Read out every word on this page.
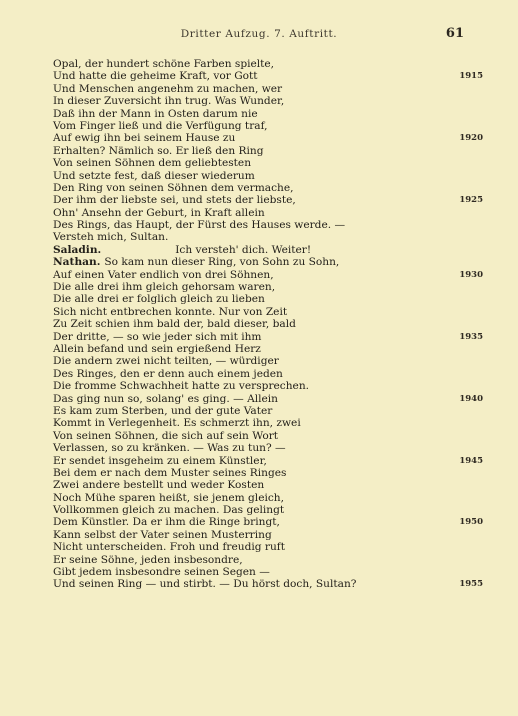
Dritter Aufzug. 7. Auftritt.	61
Opal, der hundert schöne Farben spielte,
Und hatte die geheime Kraft, vor Gott	1915
Und Menschen angenehm zu machen, wer
In dieser Zuversicht ihn trug. Was Wunder,
Daß ihn der Mann in Osten darum nie
Vom Finger ließ und die Verfügung traf,
Auf ewig ihn bei seinem Hause zu	1920
Erhalten? Nämlich so. Er ließ den Ring
Von seinen Söhnen dem geliebtesten
Und setzte fest, daß dieser wiederum
Den Ring von seinen Söhnen dem vermache,
Der ihm der liebste sei, und stets der liebste,	1925
Ohn' Ansehn der Geburt, in Kraft allein
Des Rings, das Haupt, der Fürst des Hauses werde. —
Versteh mich, Sultan.
Saladin.	Ich versteh' dich. Weiter!
Nathan. So kam nun dieser Ring, von Sohn zu Sohn,
Auf einen Vater endlich von drei Söhnen,	1930
Die alle drei ihm gleich gehorsam waren,
Die alle drei er folglich gleich zu lieben
Sich nicht entbrechen konnte. Nur von Zeit
Zu Zeit schien ihm bald der, bald dieser, bald
Der dritte, — so wie jeder sich mit ihm	1935
Allein befand und sein ergießend Herz
Die andern zwei nicht teilten, — würdiger
Des Ringes, den er denn auch einem jeden
Die fromme Schwachheit hatte zu versprechen.
Das ging nun so, solang' es ging. — Allein	1940
Es kam zum Sterben, und der gute Vater
Kommt in Verlegenheit. Es schmerzt ihn, zwei
Von seinen Söhnen, die sich auf sein Wort
Verlassen, so zu kränken. — Was zu tun? —
Er sendet insgeheim zu einem Künstler,	1945
Bei dem er nach dem Muster seines Ringes
Zwei andere bestellt und weder Kosten
Noch Mühe sparen heißt, sie jenem gleich,
Vollkommen gleich zu machen. Das gelingt
Dem Künstler. Da er ihm die Ringe bringt,	1950
Kann selbst der Vater seinen Musterring
Nicht unterscheiden. Froh und freudig ruft
Er seine Söhne, jeden insbesondre,
Gibt jedem insbesondre seinen Segen —
Und seinen Ring — und stirbt. — Du hörst doch, Sultan?	1955
